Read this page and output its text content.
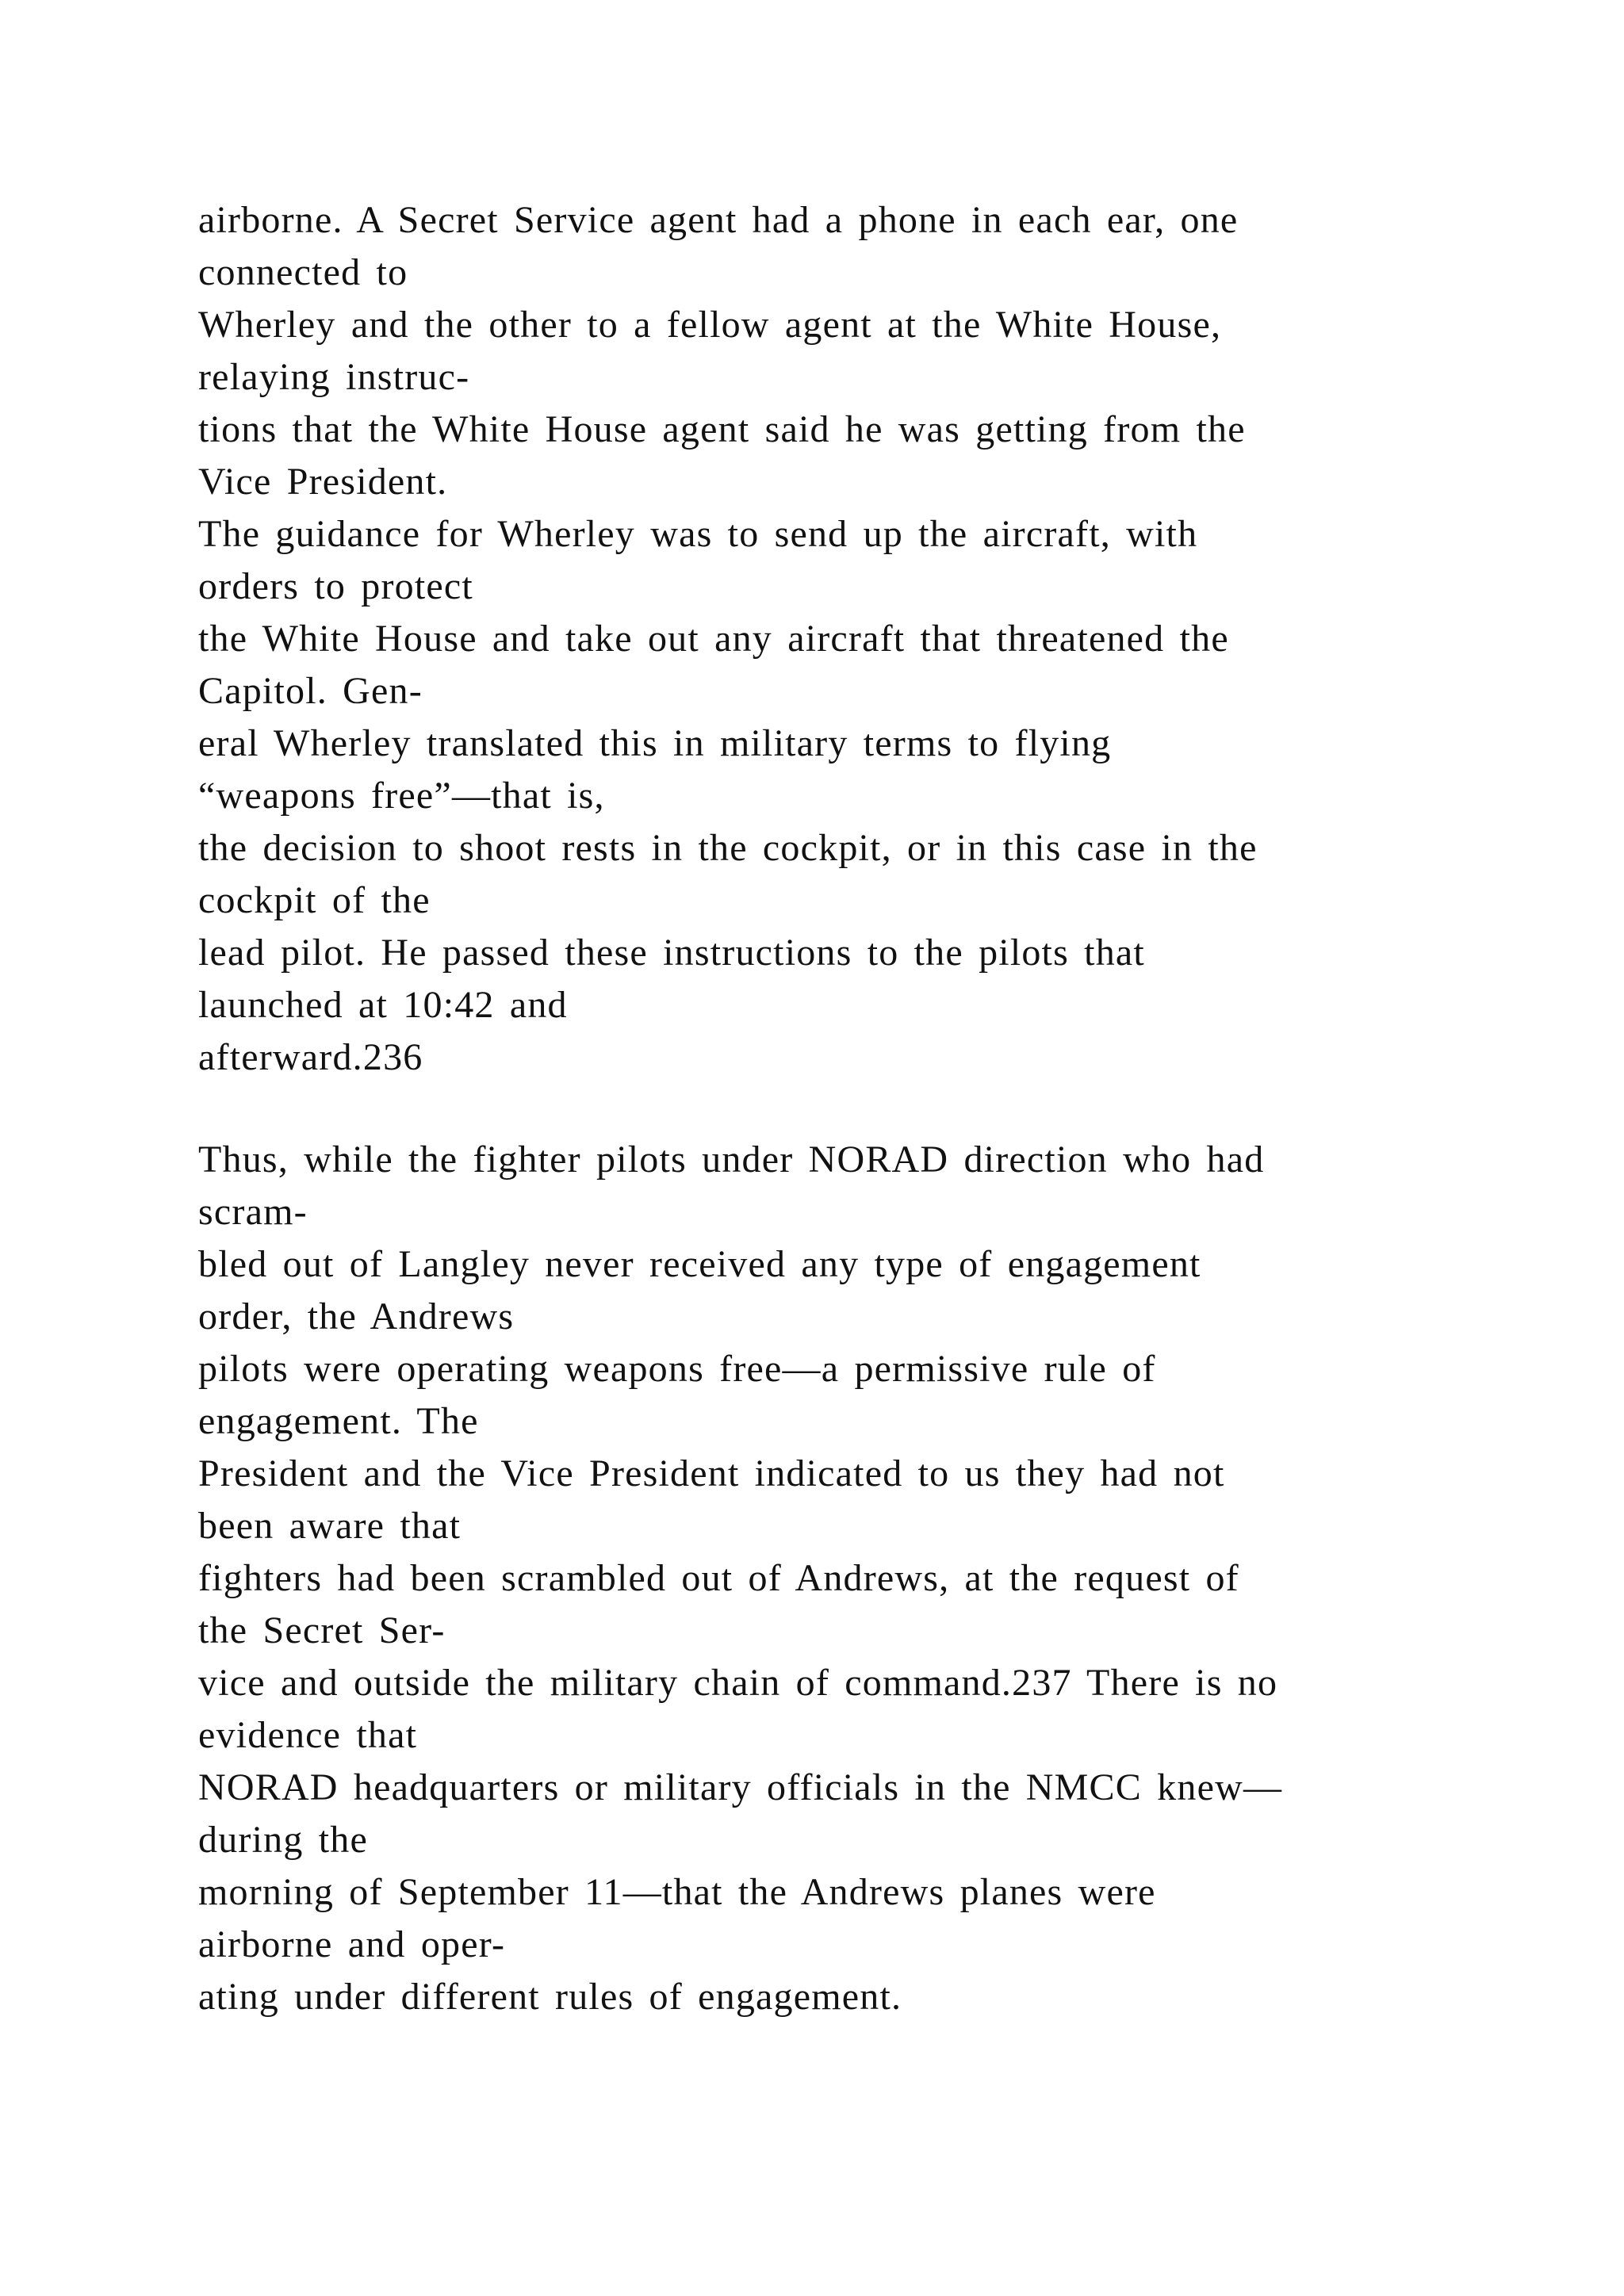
airborne. A Secret Service agent had a phone in each ear, one
connected to
Wherley and the other to a fellow agent at the White House,
relaying instruc-
tions that the White House agent said he was getting from the
Vice President.
The guidance for Wherley was to send up the aircraft, with
orders to protect
the White House and take out any aircraft that threatened the
Capitol. Gen-
eral Wherley translated this in military terms to flying
“weapons free”—that is,
the decision to shoot rests in the cockpit, or in this case in the
cockpit of the
lead pilot. He passed these instructions to the pilots that
launched at 10:42 and
afterward.236
Thus, while the fighter pilots under NORAD direction who had
scram-
bled out of Langley never received any type of engagement
order, the Andrews
pilots were operating weapons free—a permissive rule of
engagement. The
President and the Vice President indicated to us they had not
been aware that
fighters had been scrambled out of Andrews, at the request of
the Secret Ser-
vice and outside the military chain of command.237 There is no
evidence that
NORAD headquarters or military officials in the NMCC knew—
during the
morning of September 11—that the Andrews planes were
airborne and oper-
ating under different rules of engagement.
